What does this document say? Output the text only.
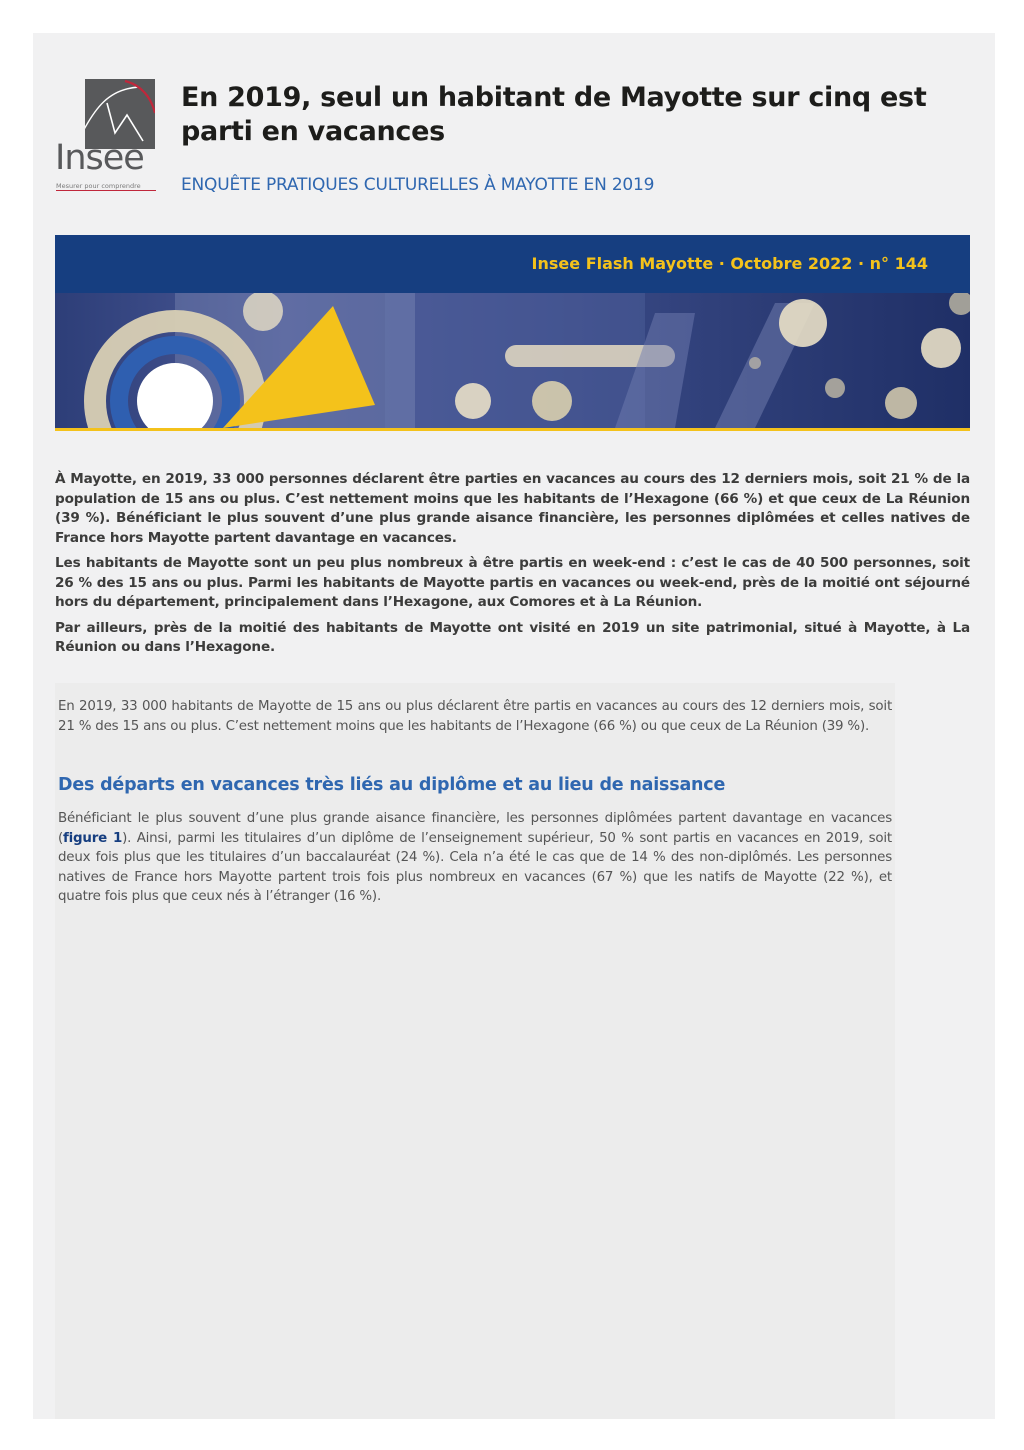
Insee
Mesurer pour comprendre
En 2019, seul un habitant de Mayotte sur cinq est parti en vacances
ENQUÊTE PRATIQUES CULTURELLES À MAYOTTE EN 2019
Insee Flash Mayotte · Octobre 2022 · n° 144

À Mayotte, en 2019, 33 000 personnes déclarent être parties en vacances au cours des 12 derniers mois, soit 21 % de la population de 15 ans ou plus. C’est nettement moins que les habitants de l’Hexagone (66 %) et que ceux de La Réunion (39 %). Bénéficiant le plus souvent d’une plus grande aisance financière, les personnes diplômées et celles natives de France hors Mayotte partent davantage en vacances.

Les habitants de Mayotte sont un peu plus nombreux à être partis en week-end : c’est le cas de 40 500 personnes, soit 26 % des 15 ans ou plus. Parmi les habitants de Mayotte partis en vacances ou week-end, près de la moitié ont séjourné hors du département, principalement dans l’Hexagone, aux Comores et à La Réunion.

Par ailleurs, près de la moitié des habitants de Mayotte ont visité en 2019 un site patrimonial, situé à Mayotte, à La Réunion ou dans l’Hexagone.

En 2019, 33 000 habitants de Mayotte de 15 ans ou plus déclarent être partis en vacances au cours des 12 derniers mois, soit 21 % des 15 ans ou plus. C’est nettement moins que les habitants de l’Hexagone (66 %) ou que ceux de La Réunion (39 %).

Des départs en vacances très liés au diplôme et au lieu de naissance

Bénéficiant le plus souvent d’une plus grande aisance financière, les personnes diplômées partent davantage en vacances (figure 1). Ainsi, parmi les titulaires d’un diplôme de l’enseignement supérieur, 50 % sont partis en vacances en 2019, soit deux fois plus que les titulaires d’un baccalauréat (24 %). Cela n’a été le cas que de 14 % des non-diplômés. Les personnes natives de France hors Mayotte partent trois fois plus nombreux en vacances (67 %) que les natifs de Mayotte (22 %), et quatre fois plus que ceux nés à l’étranger (16 %).
